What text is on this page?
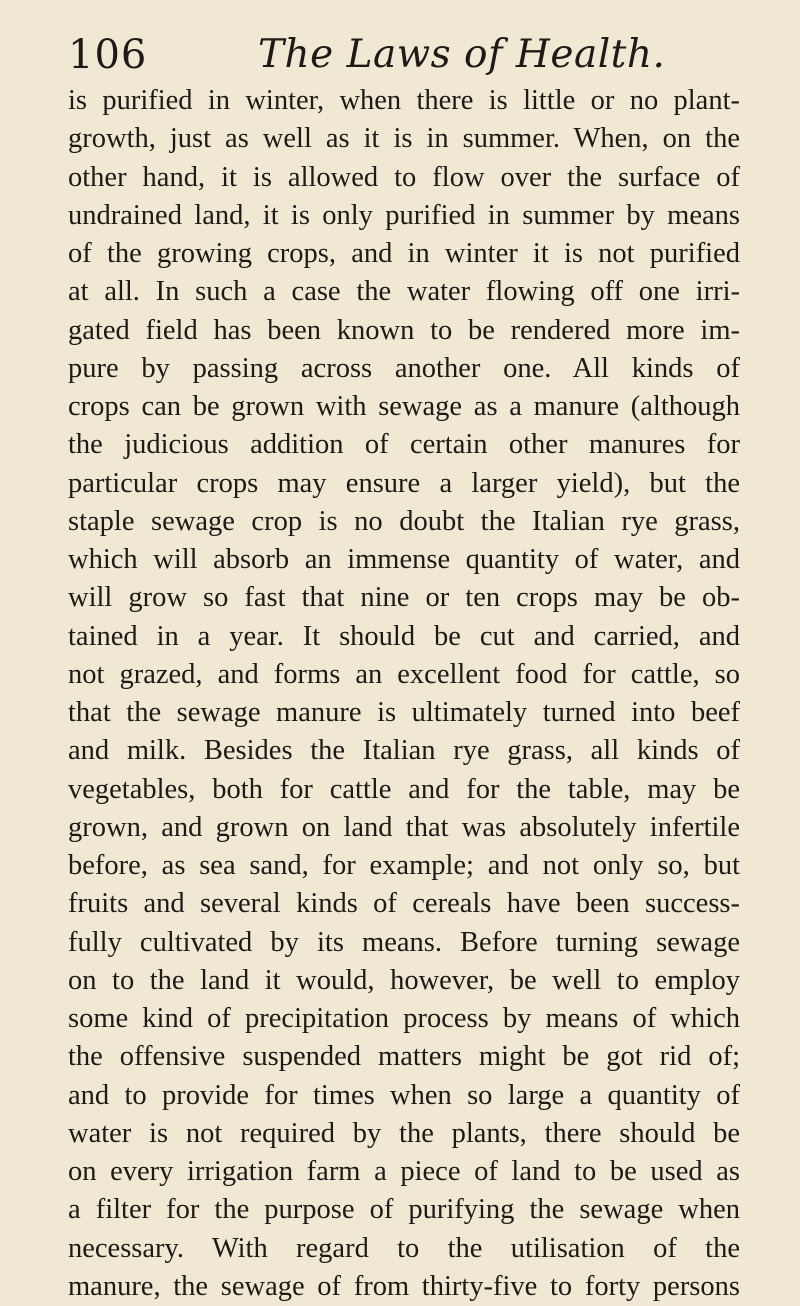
106	The Laws of Health.
is purified in winter, when there is little or no plant-
growth, just as well as it is in summer. When, on the
other hand, it is allowed to flow over the surface of
undrained land, it is only purified in summer by means
of the growing crops, and in winter it is not purified
at all. In such a case the water flowing off one irri-
gated field has been known to be rendered more im-
pure by passing across another one. All kinds of
crops can be grown with sewage as a manure (although
the judicious addition of certain other manures for
particular crops may ensure a larger yield), but the
staple sewage crop is no doubt the Italian rye grass,
which will absorb an immense quantity of water, and
will grow so fast that nine or ten crops may be ob-
tained in a year. It should be cut and carried, and
not grazed, and forms an excellent food for cattle, so
that the sewage manure is ultimately turned into beef
and milk. Besides the Italian rye grass, all kinds of
vegetables, both for cattle and for the table, may be
grown, and grown on land that was absolutely infertile
before, as sea sand, for example; and not only so, but
fruits and several kinds of cereals have been success-
fully cultivated by its means. Before turning sewage
on to the land it would, however, be well to employ
some kind of precipitation process by means of which
the offensive suspended matters might be got rid of;
and to provide for times when so large a quantity of
water is not required by the plants, there should be
on every irrigation farm a piece of land to be used as
a filter for the purpose of purifying the sewage when
necessary. With regard to the utilisation of the
manure, the sewage of from thirty-five to forty persons
